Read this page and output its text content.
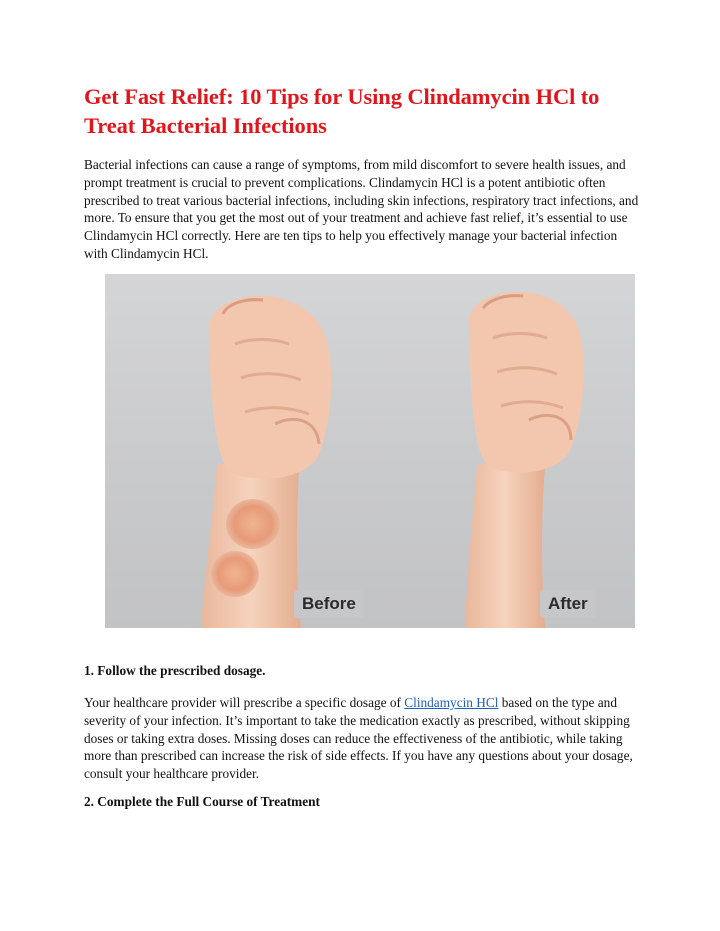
Get Fast Relief: 10 Tips for Using Clindamycin HCl to Treat Bacterial Infections

Bacterial infections can cause a range of symptoms, from mild discomfort to severe health issues, and prompt treatment is crucial to prevent complications. Clindamycin HCl is a potent antibiotic often prescribed to treat various bacterial infections, including skin infections, respiratory tract infections, and more. To ensure that you get the most out of your treatment and achieve fast relief, it’s essential to use Clindamycin HCl correctly. Here are ten tips to help you effectively manage your bacterial infection with Clindamycin HCl.

Before	After

1. Follow the prescribed dosage.

Your healthcare provider will prescribe a specific dosage of Clindamycin HCl based on the type and severity of your infection. It’s important to take the medication exactly as prescribed, without skipping doses or taking extra doses. Missing doses can reduce the effectiveness of the antibiotic, while taking more than prescribed can increase the risk of side effects. If you have any questions about your dosage, consult your healthcare provider.

2. Complete the Full Course of Treatment
